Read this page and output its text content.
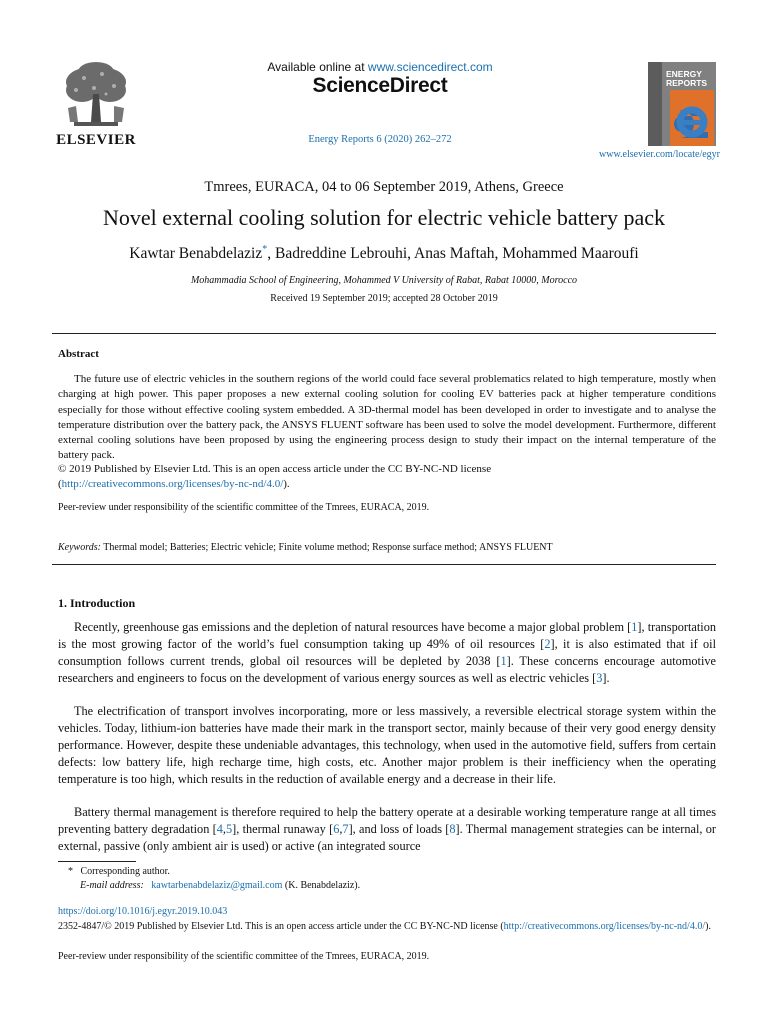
ELSEVIER
Available online at www.sciencedirect.com
ScienceDirect
Energy Reports 6 (2020) 262–272
ENERGY
REPORTS
www.elsevier.com/locate/egyr
Tmrees, EURACA, 04 to 06 September 2019, Athens, Greece
Novel external cooling solution for electric vehicle battery pack
Kawtar Benabdelaziz*, Badreddine Lebrouhi, Anas Maftah, Mohammed Maaroufi
Mohammadia School of Engineering, Mohammed V University of Rabat, Rabat 10000, Morocco
Received 19 September 2019; accepted 28 October 2019
Abstract

The future use of electric vehicles in the southern regions of the world could face several problematics related to high temperature, mostly when charging at high power. This paper proposes a new external cooling solution for cooling EV batteries pack at higher temperature conditions especially for those without effective cooling system embedded. A 3D-thermal model has been developed in order to investigate and to analyse the temperature distribution over the battery pack, the ANSYS FLUENT software has been used to solve the model development. Furthermore, different external cooling solutions have been proposed by using the engineering process design to study their impact on the internal temperature of the battery pack.

© 2019 Published by Elsevier Ltd. This is an open access article under the CC BY-NC-ND license
(http://creativecommons.org/licenses/by-nc-nd/4.0/).
Peer-review under responsibility of the scientific committee of the Tmrees, EURACA, 2019.
Keywords: Thermal model; Batteries; Electric vehicle; Finite volume method; Response surface method; ANSYS FLUENT
1. Introduction

Recently, greenhouse gas emissions and the depletion of natural resources have become a major global problem [1], transportation is the most growing factor of the world’s fuel consumption taking up 49% of oil resources [2], it is also estimated that if oil consumption follows current trends, global oil resources will be depleted by 2038 [1]. These concerns encourage automotive researchers and engineers to focus on the development of various energy sources as well as electric vehicles [3].

The electrification of transport involves incorporating, more or less massively, a reversible electrical storage system within the vehicles. Today, lithium-ion batteries have made their mark in the transport sector, mainly because of their very good energy density performance. However, despite these undeniable advantages, this technology, when used in the automotive field, suffers from certain defects: low battery life, high recharge time, high costs, etc. Another major problem is their inefficiency when the operating temperature is too high, which results in the reduction of available energy and a decrease in their life.

Battery thermal management is therefore required to help the battery operate at a desirable working temperature range at all times preventing battery degradation [4,5], thermal runaway [6,7], and loss of loads [8]. Thermal management strategies can be internal, or external, passive (only ambient air is used) or active (an integrated source

* Corresponding author.
E-mail address: kawtarbenabdelaziz@gmail.com (K. Benabdelaziz).
https://doi.org/10.1016/j.egyr.2019.10.043
2352-4847/© 2019 Published by Elsevier Ltd. This is an open access article under the CC BY-NC-ND license (http://creativecommons.org/licenses/by-nc-nd/4.0/).
Peer-review under responsibility of the scientific committee of the Tmrees, EURACA, 2019.
